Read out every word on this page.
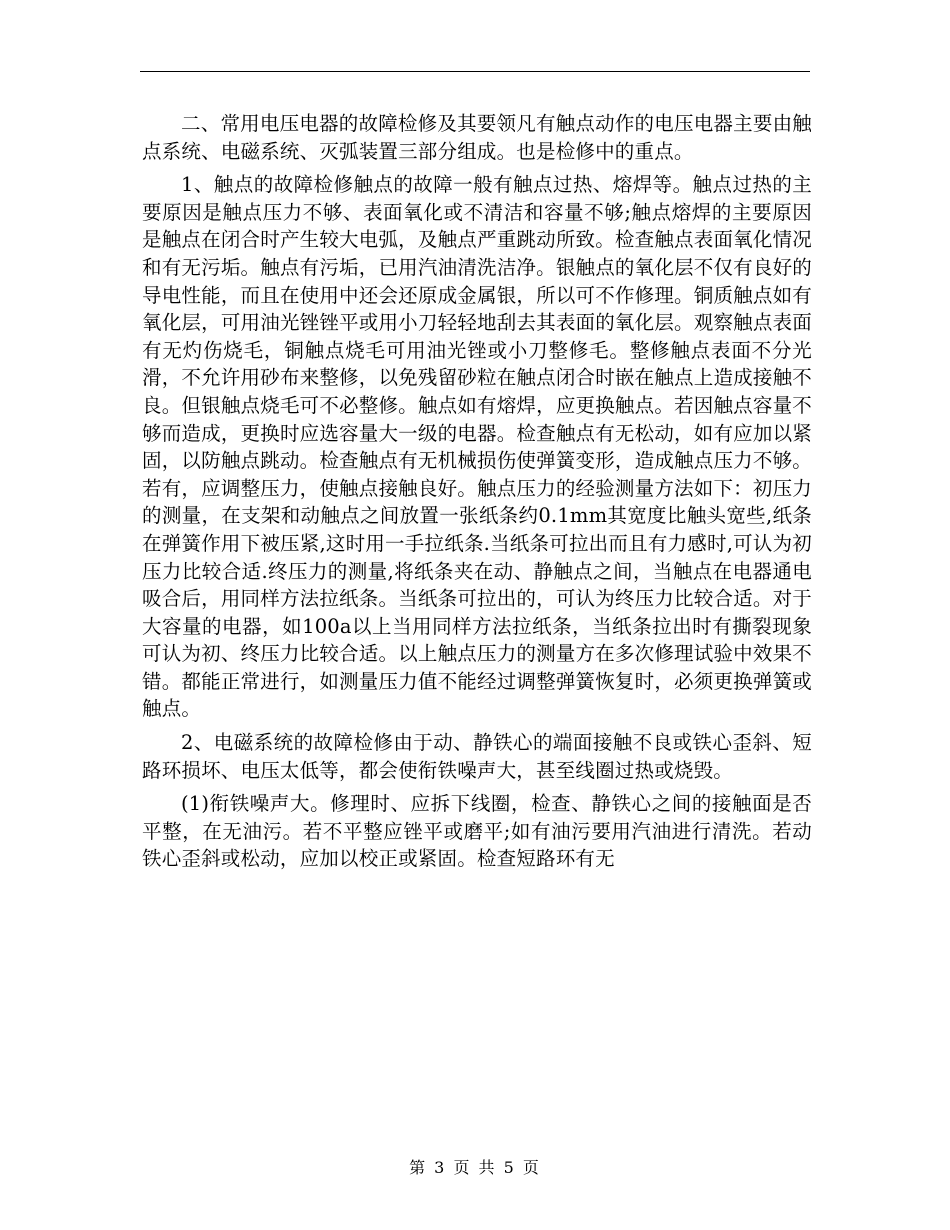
二、常用电压电器的故障检修及其要领凡有触点动作的电压电器主要由触点系统、电磁系统、灭弧装置三部分组成。也是检修中的重点。

1、触点的故障检修触点的故障一般有触点过热、熔焊等。触点过热的主要原因是触点压力不够、表面氧化或不清洁和容量不够;触点熔焊的主要原因是触点在闭合时产生较大电弧，及触点严重跳动所致。检查触点表面氧化情况和有无污垢。触点有污垢，已用汽油清洗洁净。银触点的氧化层不仅有良好的导电性能，而且在使用中还会还原成金属银，所以可不作修理。铜质触点如有氧化层，可用油光锉锉平或用小刀轻轻地刮去其表面的氧化层。观察触点表面有无灼伤烧毛，铜触点烧毛可用油光锉或小刀整修毛。整修触点表面不分光滑，不允许用砂布来整修，以免残留砂粒在触点闭合时嵌在触点上造成接触不良。但银触点烧毛可不必整修。触点如有熔焊，应更换触点。若因触点容量不够而造成，更换时应选容量大一级的电器。检查触点有无松动，如有应加以紧固，以防触点跳动。检查触点有无机械损伤使弹簧变形，造成触点压力不够。若有，应调整压力，使触点接触良好。触点压力的经验测量方法如下：初压力的测量，在支架和动触点之间放置一张纸条约0.1mm其宽度比触头宽些,纸条在弹簧作用下被压紧,这时用一手拉纸条.当纸条可拉出而且有力感时,可认为初压力比较合适.终压力的测量,将纸条夹在动、静触点之间，当触点在电器通电吸合后，用同样方法拉纸条。当纸条可拉出的，可认为终压力比较合适。对于大容量的电器，如100a以上当用同样方法拉纸条，当纸条拉出时有撕裂现象可认为初、终压力比较合适。以上触点压力的测量方在多次修理试验中效果不错。都能正常进行，如测量压力值不能经过调整弹簧恢复时，必须更换弹簧或触点。

2、电磁系统的故障检修由于动、静铁心的端面接触不良或铁心歪斜、短路环损坏、电压太低等，都会使衔铁噪声大，甚至线圈过热或烧毁。

(1)衔铁噪声大。修理时、应拆下线圈，检查、静铁心之间的接触面是否平整，在无油污。若不平整应锉平或磨平;如有油污要用汽油进行清洗。若动铁心歪斜或松动，应加以校正或紧固。检查短路环有无

第 3 页 共 5 页
